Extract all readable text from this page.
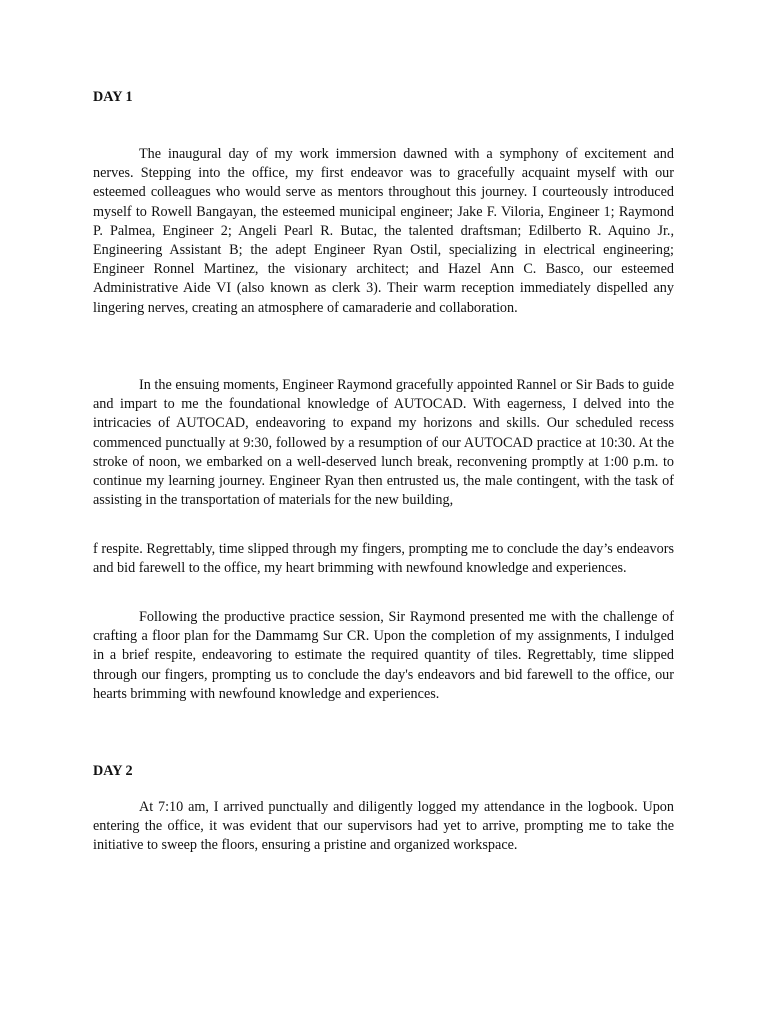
DAY 1

The inaugural day of my work immersion dawned with a symphony of excitement and nerves. Stepping into the office, my first endeavor was to gracefully acquaint myself with our esteemed colleagues who would serve as mentors throughout this journey. I courteously introduced myself to Rowell Bangayan, the esteemed municipal engineer; Jake F. Viloria, Engineer 1; Raymond P. Palmea, Engineer 2; Angeli Pearl R. Butac, the talented draftsman; Edilberto R. Aquino Jr., Engineering Assistant B; the adept Engineer Ryan Ostil, specializing in electrical engineering; Engineer Ronnel Martinez, the visionary architect; and Hazel Ann C. Basco, our esteemed Administrative Aide VI (also known as clerk 3). Their warm reception immediately dispelled any lingering nerves, creating an atmosphere of camaraderie and collaboration.

In the ensuing moments, Engineer Raymond gracefully appointed Rannel or Sir Bads to guide and impart to me the foundational knowledge of AUTOCAD. With eagerness, I delved into the intricacies of AUTOCAD, endeavoring to expand my horizons and skills. Our scheduled recess commenced punctually at 9:30, followed by a resumption of our AUTOCAD practice at 10:30. At the stroke of noon, we embarked on a well-deserved lunch break, reconvening promptly at 1:00 p.m. to continue my learning journey. Engineer Ryan then entrusted us, the male contingent, with the task of assisting in the transportation of materials for the new building,

f respite. Regrettably, time slipped through my fingers, prompting me to conclude the day’s endeavors and bid farewell to the office, my heart brimming with newfound knowledge and experiences.

Following the productive practice session, Sir Raymond presented me with the challenge of crafting a floor plan for the Dammamg Sur CR. Upon the completion of my assignments, I indulged in a brief respite, endeavoring to estimate the required quantity of tiles. Regrettably, time slipped through our fingers, prompting us to conclude the day's endeavors and bid farewell to the office, our hearts brimming with newfound knowledge and experiences.

DAY 2

At 7:10 am, I arrived punctually and diligently logged my attendance in the logbook. Upon entering the office, it was evident that our supervisors had yet to arrive, prompting me to take the initiative to sweep the floors, ensuring a pristine and organized workspace.
